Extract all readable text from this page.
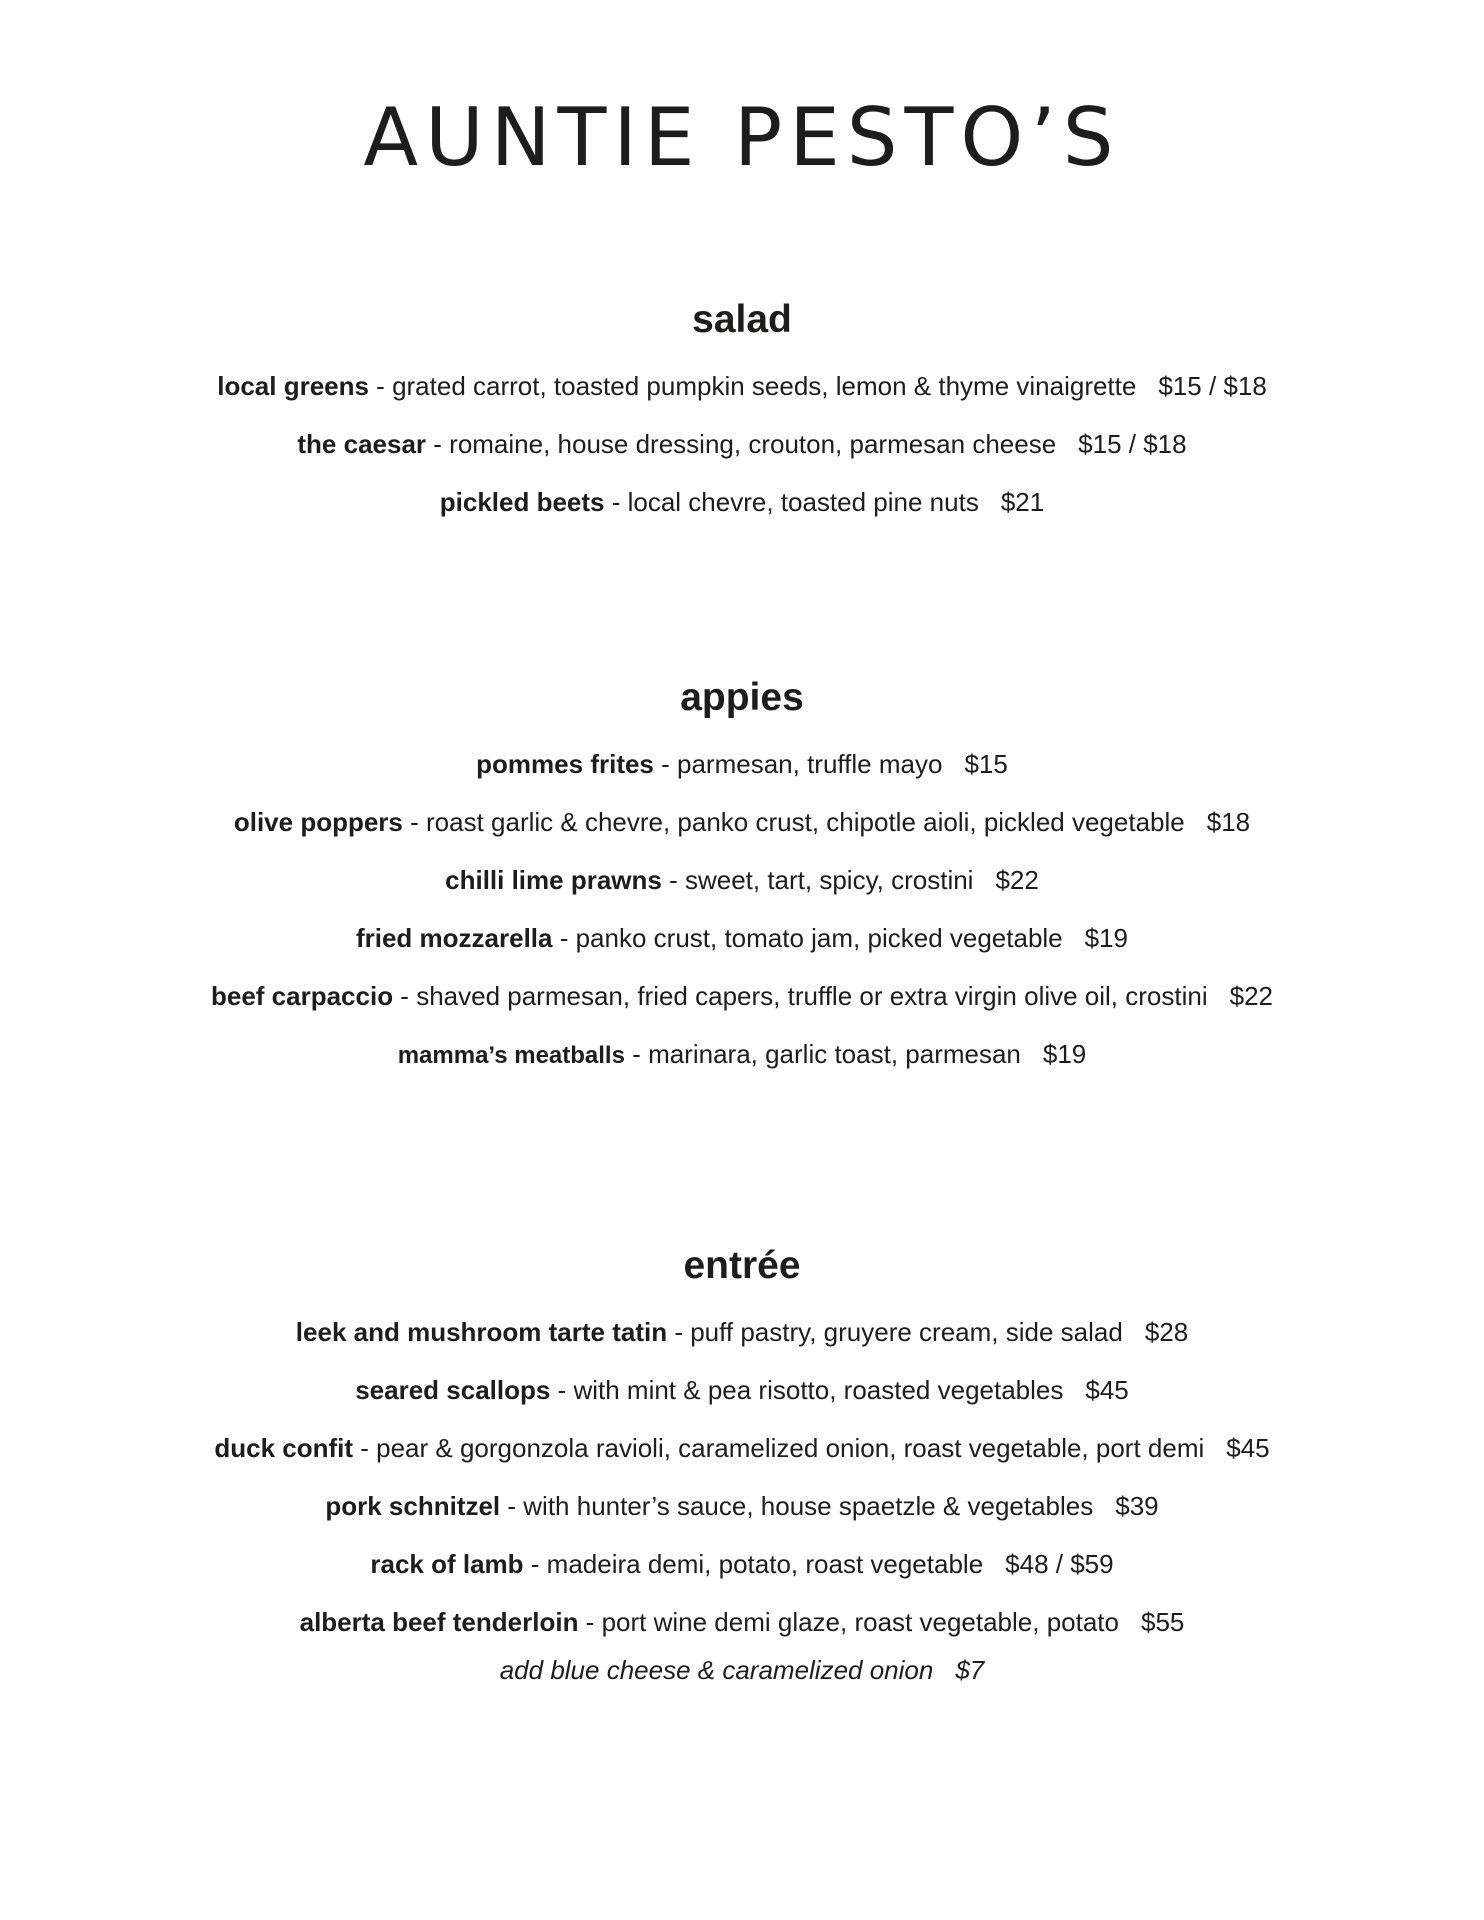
AUNTIE PESTO’S
salad
local greens - grated carrot, toasted pumpkin seeds, lemon & thyme vinaigrette $15 / $18
the caesar - romaine, house dressing, crouton, parmesan cheese $15 / $18
pickled beets - local chevre, toasted pine nuts $21
appies
pommes frites - parmesan, truffle mayo $15
olive poppers - roast garlic & chevre, panko crust, chipotle aioli, pickled vegetable $18
chilli lime prawns - sweet, tart, spicy, crostini $22
fried mozzarella - panko crust, tomato jam, picked vegetable $19
beef carpaccio - shaved parmesan, fried capers, truffle or extra virgin olive oil, crostini $22
mamma’s meatballs - marinara, garlic toast, parmesan $19
entrée
leek and mushroom tarte tatin - puff pastry, gruyere cream, side salad $28
seared scallops - with mint & pea risotto, roasted vegetables $45
duck confit - pear & gorgonzola ravioli, caramelized onion, roast vegetable, port demi $45
pork schnitzel - with hunter’s sauce, house spaetzle & vegetables $39
rack of lamb - madeira demi, potato, roast vegetable $48 / $59
alberta beef tenderloin - port wine demi glaze, roast vegetable, potato $55
add blue cheese & caramelized onion $7
